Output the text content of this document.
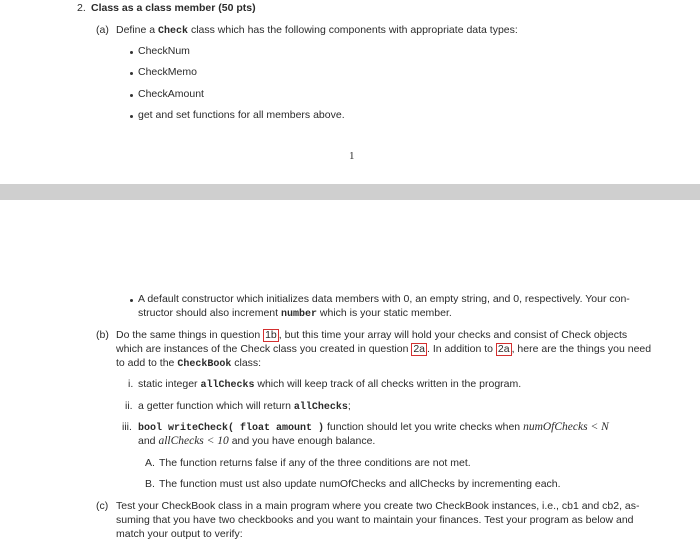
2. Class as a class member (50 pts)
(a) Define a Check class which has the following components with appropriate data types:
CheckNum
CheckMemo
CheckAmount
get and set functions for all members above.
1
A default constructor which initializes data members with 0, an empty string, and 0, respectively. Your con-
structor should also increment number which is your static member.
(b) Do the same things in question 1b , but this time your array will hold your checks and consist of Check objects
which are instances of the Check class you created in question 2a . In addition to 2a , here are the things you need
to add to the CheckBook class:
i. static integer allChecks which will keep track of all checks written in the program.
ii. a getter function which will return allChecks;
iii. bool writeCheck( float amount ) function should let you write checks when numOfChecks < N
and allChecks < 10 and you have enough balance.
A. The function returns false if any of the three conditions are not met.
B. The function must ust also update numOfChecks and allChecks by incrementing each.
(c) Test your CheckBook class in a main program where you create two CheckBook instances, i.e., cb1 and cb2, as-
suming that you have two checkbooks and you want to maintain your finances. Test your program as below and
match your output to verify:
